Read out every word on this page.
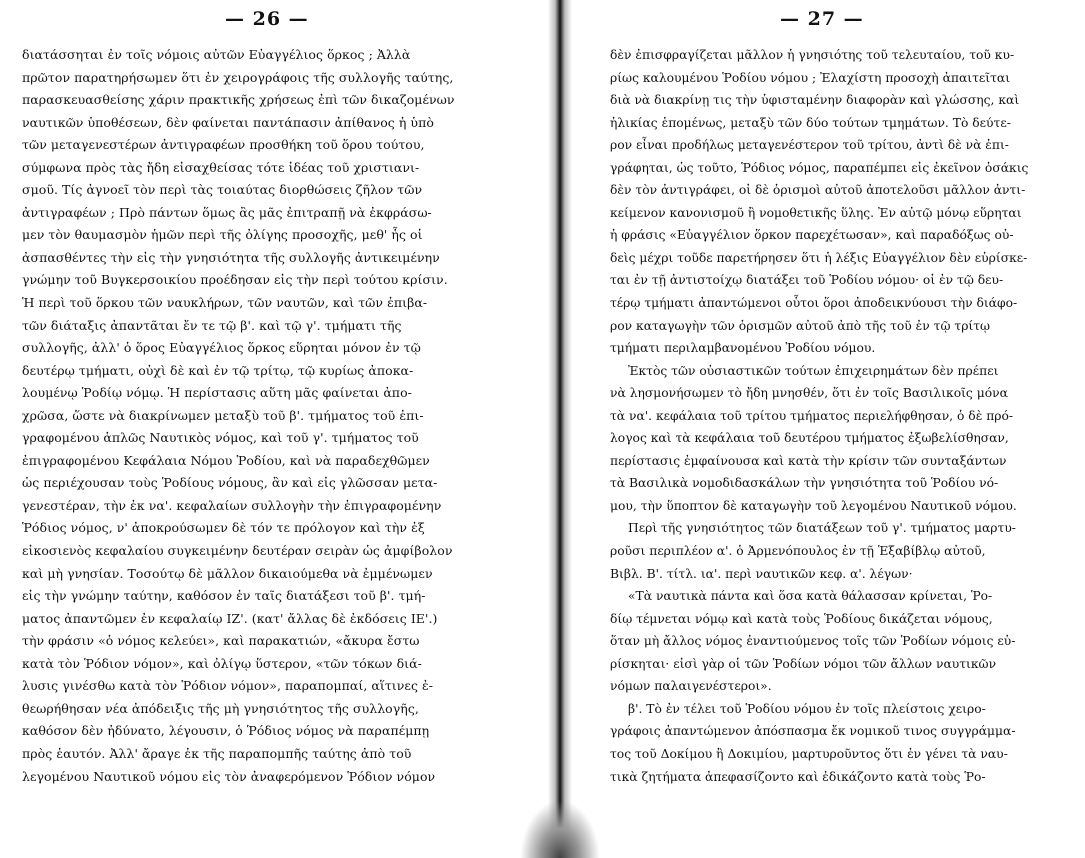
— 26 —
διατάσσηται ἐν τοῖς νόμοις αὐτῶν Εὐαγγέλιος ὅρκος ; Ἀλλὰ
πρῶτον παρατηρήσωμεν ὅτι ἐν χειρογράφοις τῆς συλλογῆς ταύτης,
παρασκευασθείσης χάριν πρακτικῆς χρήσεως ἐπὶ τῶν δικαζομένων
ναυτικῶν ὑποθέσεων, δὲν φαίνεται παντάπασιν ἀπίθανος ἡ ὑπὸ
τῶν μεταγενεστέρων ἀντιγραφέων προσθήκη τοῦ ὅρου τούτου,
σύμφωνα πρὸς τὰς ἤδη εἰσαχθείσας τότε ἰδέας τοῦ χριστιανι-
σμοῦ. Τίς ἀγνοεῖ τὸν περὶ τὰς τοιαύτας διορθώσεις ζῆλον τῶν
ἀντιγραφέων ; Πρὸ πάντων ὅμως ἂς μᾶς ἐπιτραπῇ νὰ ἐκφράσω-
μεν τὸν θαυμασμὸν ἡμῶν περὶ τῆς ὀλίγης προσοχῆς, μεθ' ἧς οἱ
ἀσπασθέντες τὴν εἰς τὴν γνησιότητα τῆς συλλογῆς ἀντικειμένην
γνώμην τοῦ Βυγκερσοικίου προέδησαν εἰς τὴν περὶ τούτου κρίσιν.
Ἡ περὶ τοῦ ὅρκου τῶν ναυκλήρων, τῶν ναυτῶν, καὶ τῶν ἐπιβα-
τῶν διάταξις ἀπαντᾶται ἔν τε τῷ β'. καὶ τῷ γ'. τμήματι τῆς
συλλογῆς, ἀλλ' ὁ ὅρος Εὐαγγέλιος ὅρκος εὕρηται μόνον ἐν τῷ
δευτέρῳ τμήματι, οὐχὶ δὲ καὶ ἐν τῷ τρίτῳ, τῷ κυρίως ἀποκα-
λουμένῳ Ῥοδίῳ νόμῳ. Ἡ περίστασις αὕτη μᾶς φαίνεται ἀπο-
χρῶσα, ὥστε νὰ διακρίνωμεν μεταξὺ τοῦ β'. τμήματος τοῦ ἐπι-
γραφομένου ἁπλῶς Ναυτικὸς νόμος, καὶ τοῦ γ'. τμήματος τοῦ
ἐπιγραφομένου Κεφάλαια Νόμου Ῥοδίου, καὶ νὰ παραδεχθῶμεν
ὡς περιέχουσαν τοὺς Ῥοδίους νόμους, ἂν καὶ εἰς γλῶσσαν μετα-
γενεστέραν, τὴν ἐκ να'. κεφαλαίων συλλογὴν τὴν ἐπιγραφομένην
Ῥόδιος νόμος, ν' ἀποκρούσωμεν δὲ τόν τε πρόλογον καὶ τὴν ἐξ
εἰκοσιενὸς κεφαλαίου συγκειμένην δευτέραν σειρὰν ὡς ἀμφίβολον
καὶ μὴ γνησίαν. Τοσούτῳ δὲ μᾶλλον δικαιούμεθα νὰ ἐμμένωμεν
εἰς τὴν γνώμην ταύτην, καθόσον ἐν ταῖς διατάξεσι τοῦ β'. τμή-
ματος ἀπαντῶμεν ἐν κεφαλαίῳ ΙΖ'. (κατ' ἄλλας δὲ ἐκδόσεις ΙΕ'.)
τὴν φράσιν «ὁ νόμος κελεύει», καὶ παρακατιών, «ἄκυρα ἔστω
κατὰ τὸν Ῥόδιον νόμον», καὶ ὀλίγῳ ὕστερον, «τῶν τόκων διά-
λυσις γινέσθω κατὰ τὸν Ῥόδιον νόμον», παραπομπαί, αἵτινες ἐ-
θεωρήθησαν νέα ἀπόδειξις τῆς μὴ γνησιότητος τῆς συλλογῆς,
καθόσον δὲν ἠδύνατο, λέγουσιν, ὁ Ῥόδιος νόμος νὰ παραπέμπῃ
πρὸς ἑαυτόν. Ἀλλ' ἄραγε ἐκ τῆς παραπομπῆς ταύτης ἀπὸ τοῦ
λεγομένου Ναυτικοῦ νόμου εἰς τὸν ἀναφερόμενον Ῥόδιον νόμον
— 27 —
δὲν ἐπισφραγίζεται μᾶλλον ἡ γνησιότης τοῦ τελευταίου, τοῦ κυ-
ρίως καλουμένου Ῥοδίου νόμου ; Ἐλαχίστη προσοχὴ ἀπαιτεῖται
διὰ νὰ διακρίνῃ τις τὴν ὑφισταμένην διαφορὰν καὶ γλώσσης, καὶ
ἡλικίας ἑπομένως, μεταξὺ τῶν δύο τούτων τμημάτων. Τὸ δεύτε-
ρον εἶναι προδήλως μεταγενέστερον τοῦ τρίτου, ἀντὶ δὲ νὰ ἐπι-
γράφηται, ὡς τοῦτο, Ῥόδιος νόμος, παραπέμπει εἰς ἐκεῖνον ὁσάκις
δὲν τὸν ἀντιγράφει, οἱ δὲ ὁρισμοὶ αὐτοῦ ἀποτελοῦσι μᾶλλον ἀντι-
κείμενον κανονισμοῦ ἢ νομοθετικῆς ὕλης. Ἐν αὐτῷ μόνῳ εὕρηται
ἡ φράσις «Εὐαγγέλιον ὅρκον παρεχέτωσαν», καὶ παραδόξως οὐ-
δεὶς μέχρι τοῦδε παρετήρησεν ὅτι ἡ λέξις Εὐαγγέλιον δὲν εὑρίσκε-
ται ἐν τῇ ἀντιστοίχῳ διατάξει τοῦ Ῥοδίου νόμου· οἱ ἐν τῷ δευ-
τέρῳ τμήματι ἀπαντώμενοι οὗτοι ὅροι ἀποδεικνύουσι τὴν διάφο-
ρον καταγωγὴν τῶν ὁρισμῶν αὐτοῦ ἀπὸ τῆς τοῦ ἐν τῷ τρίτῳ
τμήματι περιλαμβανομένου Ῥοδίου νόμου.
Ἐκτὸς τῶν οὐσιαστικῶν τούτων ἐπιχειρημάτων δὲν πρέπει
νὰ λησμονήσωμεν τὸ ἤδη μνησθέν, ὅτι ἐν τοῖς Βασιλικοῖς μόνα
τὰ να'. κεφάλαια τοῦ τρίτου τμήματος περιελήφθησαν, ὁ δὲ πρό-
λογος καὶ τὰ κεφάλαια τοῦ δευτέρου τμήματος ἐξωβελίσθησαν,
περίστασις ἐμφαίνουσα καὶ κατὰ τὴν κρίσιν τῶν συνταξάντων
τὰ Βασιλικὰ νομοδιδασκάλων τὴν γνησιότητα τοῦ Ῥοδίου νό-
μου, τὴν ὕποπτον δὲ καταγωγὴν τοῦ λεγομένου Ναυτικοῦ νόμου.
Περὶ τῆς γνησιότητος τῶν διατάξεων τοῦ γ'. τμήματος μαρτυ-
ροῦσι περιπλέον α'. ὁ Ἀρμενόπουλος ἐν τῇ Ἑξαβίβλῳ αὐτοῦ,
Βιβλ. Β'. τίτλ. ια'. περὶ ναυτικῶν κεφ. α'. λέγων·
«Τὰ ναυτικὰ πάντα καὶ ὅσα κατὰ θάλασσαν κρίνεται, Ῥο-
δίῳ τέμνεται νόμῳ καὶ κατὰ τοὺς Ῥοδίους δικάζεται νόμους,
ὅταν μὴ ἄλλος νόμος ἐναντιούμενος τοῖς τῶν Ῥοδίων νόμοις εὑ-
ρίσκηται· εἰσὶ γὰρ οἱ τῶν Ῥοδίων νόμοι τῶν ἄλλων ναυτικῶν
νόμων παλαιγενέστεροι».
β'. Τὸ ἐν τέλει τοῦ Ῥοδίου νόμου ἐν τοῖς πλείστοις χειρο-
γράφοις ἀπαντώμενον ἀπόσπασμα ἔκ νομικοῦ τινος συγγράμμα-
τος τοῦ Δοκίμου ἢ Δοκιμίου, μαρτυροῦντος ὅτι ἐν γένει τὰ ναυ-
τικὰ ζητήματα ἀπεφασίζοντο καὶ ἐδικάζοντο κατὰ τοὺς Ῥο-
